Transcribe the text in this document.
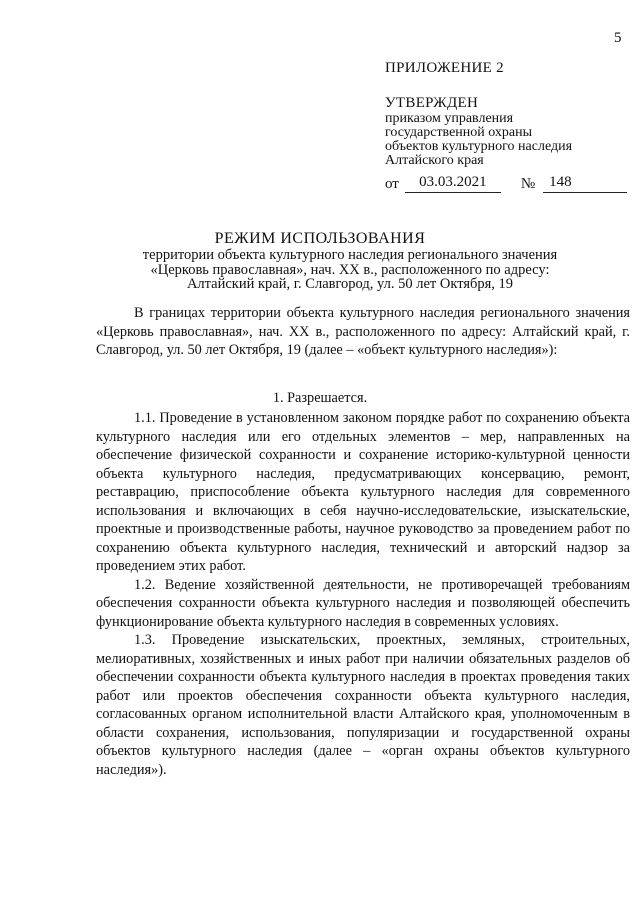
5
ПРИЛОЖЕНИЕ 2
УТВЕРЖДЕН
приказом управления
государственной охраны
объектов культурного наследия
Алтайского края
от	03.03.2021	№ 148
РЕЖИМ ИСПОЛЬЗОВАНИЯ
территории объекта культурного наследия регионального значения
«Церковь православная», нач. ХХ в., расположенного по адресу:
Алтайский край, г. Славгород, ул. 50 лет Октября, 19

В границах территории объекта культурного наследия регионального значения «Церковь православная», нач. ХХ в., расположенного по адресу: Алтайский край, г. Славгород, ул. 50 лет Октября, 19 (далее – «объект культурного наследия»):

1. Разрешается.

1.1. Проведение в установленном законом порядке работ по сохранению объекта культурного наследия или его отдельных элементов – мер, направленных на обеспечение физической сохранности и сохранение историко-культурной ценности объекта культурного наследия, предусматривающих консервацию, ремонт, реставрацию, приспособление объекта культурного наследия для современного использования и включающих в себя научно-исследовательские, изыскательские, проектные и производственные работы, научное руководство за проведением работ по сохранению объекта культурного наследия, технический и авторский надзор за проведением этих работ.

1.2. Ведение хозяйственной деятельности, не противоречащей требованиям обеспечения сохранности объекта культурного наследия и позволяющей обеспечить функционирование объекта культурного наследия в современных условиях.

1.3. Проведение изыскательских, проектных, земляных, строительных, мелиоративных, хозяйственных и иных работ при наличии обязательных разделов об обеспечении сохранности объекта культурного наследия в проектах проведения таких работ или проектов обеспечения сохранности объекта культурного наследия, согласованных органом исполнительной власти Алтайского края, уполномоченным в области сохранения, использования, популяризации и государственной охраны объектов культурного наследия (далее – «орган охраны объектов культурного наследия»).
